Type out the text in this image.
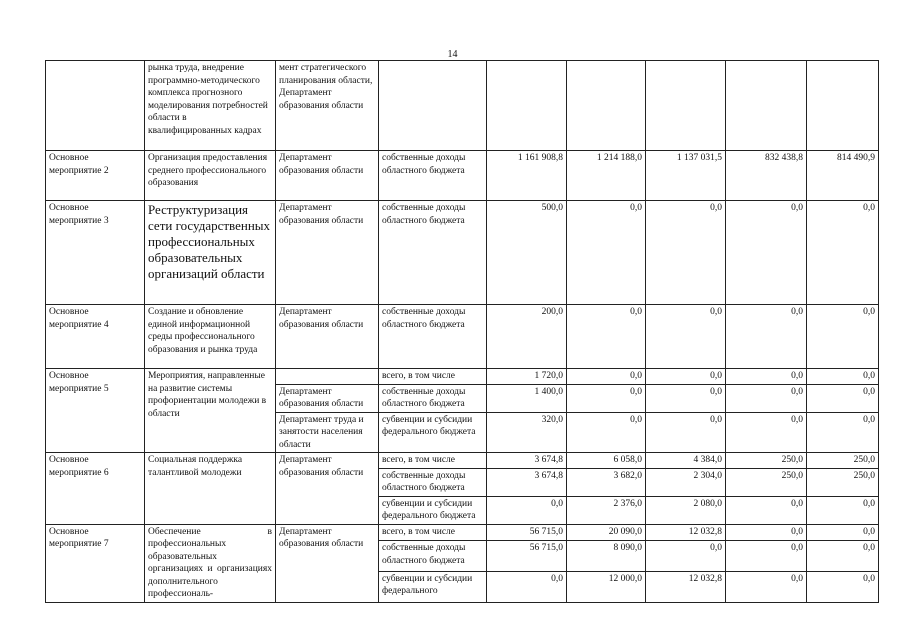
14
	рынка труда, внедрение программно-методического комплекса прогнозного моделирования потребностей области в квалифицированных кадрах	мент стратегического планирования области, Департамент образования области						
Основное мероприятие 2	Организация предоставления среднего профессионального образования	Департамент образования области	собственные доходы областного бюджета	1 161 908,8	1 214 188,0	1 137 031,5	832 438,8	814 490,9
Основное мероприятие 3	Реструктуризация сети государственных профессиональных образовательных организаций области	Департамент образования области	собственные доходы областного бюджета	500,0	0,0	0,0	0,0	0,0
Основное мероприятие 4	Создание и обновление единой информационной среды профессионального образования и рынка труда	Департамент образования области	собственные доходы областного бюджета	200,0	0,0	0,0	0,0	0,0
Основное мероприятие 5	Мероприятия, направленные на развитие системы профориентации молодежи в области		всего, в том числе	1 720,0	0,0	0,0	0,0	0,0
		Департамент образования области	собственные доходы областного бюджета	1 400,0	0,0	0,0	0,0	0,0
		Департамент труда и занятости населения области	субвенции и субсидии федерального бюджета	320,0	0,0	0,0	0,0	0,0
Основное мероприятие 6	Социальная поддержка талантливой молодежи	Департамент образования области	всего, в том числе	3 674,8	6 058,0	4 384,0	250,0	250,0
			собственные доходы областного бюджета	3 674,8	3 682,0	2 304,0	250,0	250,0
			субвенции и субсидии федерального бюджета	0,0	2 376,0	2 080,0	0,0	0,0
Основное мероприятие 7	Обеспечение в профессиональных образовательных организациях и организациях дополнительного профессиональ-	Департамент образования области	всего, в том числе	56 715,0	20 090,0	12 032,8	0,0	0,0
			собственные доходы областного бюджета	56 715,0	8 090,0	0,0	0,0	0,0
			субвенции и субсидии федерального	0,0	12 000,0	12 032,8	0,0	0,0
